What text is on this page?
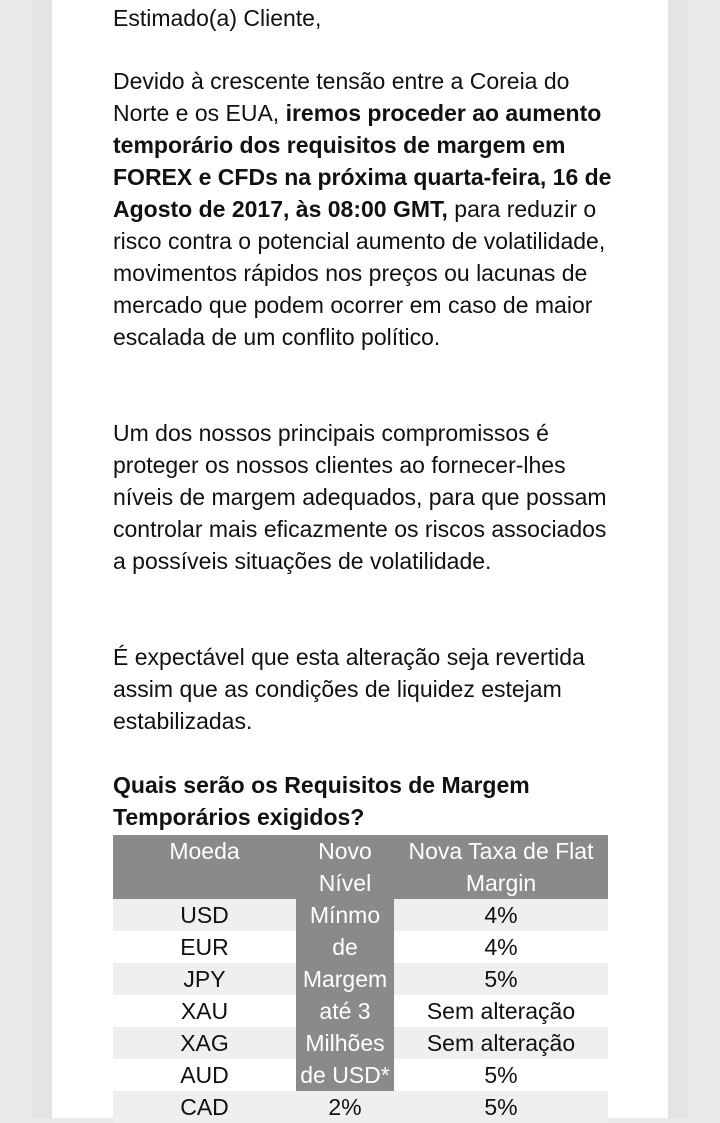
Estimado(a) Cliente,

Devido à crescente tensão entre a Coreia do Norte e os EUA, iremos proceder ao aumento temporário dos requisitos de margem em FOREX e CFDs na próxima quarta-feira, 16 de Agosto de 2017, às 08:00 GMT, para reduzir o risco contra o potencial aumento de volatilidade, movimentos rápidos nos preços ou lacunas de mercado que podem ocorrer em caso de maior escalada de um conflito político.

Um dos nossos principais compromissos é proteger os nossos clientes ao fornecer-lhes níveis de margem adequados, para que possam controlar mais eficazmente os riscos associados a possíveis situações de volatilidade.

É expectável que esta alteração seja revertida assim que as condições de liquidez estejam estabilizadas.

Quais serão os Requisitos de Margem Temporários exigidos?

Moeda	Novo Nível	Nova Taxa de Flat Margin
USD	Mínmo de Margem até 3 Milhões de USD*	4%
EUR		4%
JPY		5%
XAU		Sem alteração
XAG		Sem alteração
AUD		5%
CAD	2%	5%
